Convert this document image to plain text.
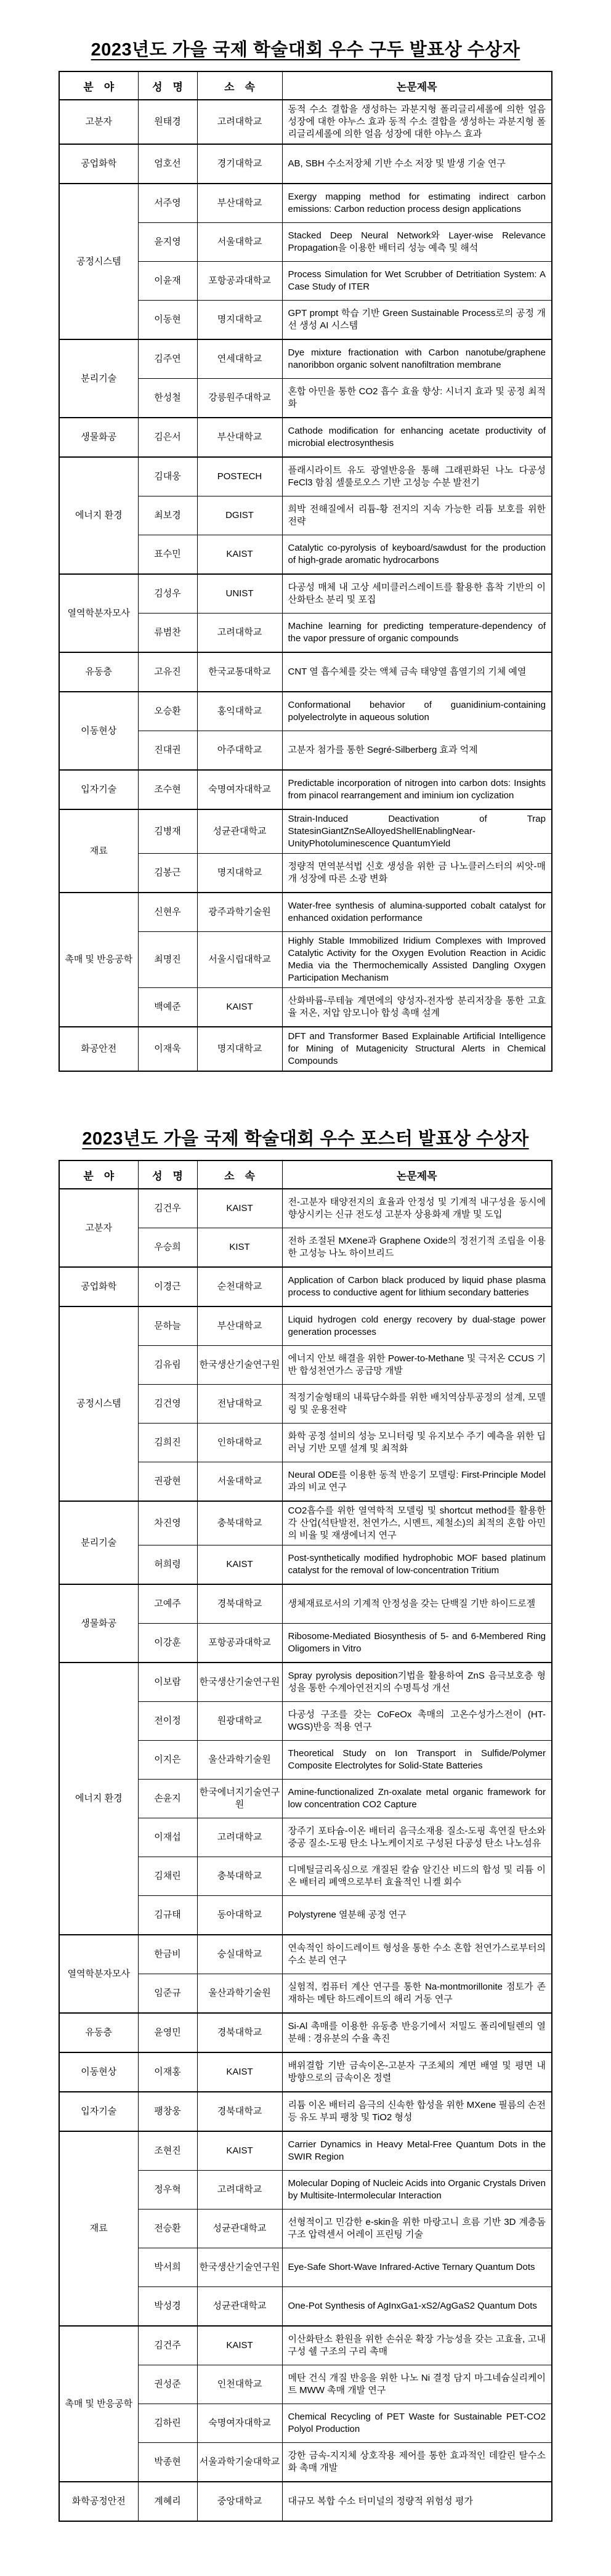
2023년도 가을 국제 학술대회 우수 구두 발표상 수상자
분　야	성　명	소　속	논문제목
고분자	원태경	고려대학교	동적 수소 결합을 생성하는 과분지형 폴리글리세롤에 의한 얼음 성장에 대한 야누스 효과 동적 수소 결합을 생성하는 과분지형 폴리글리세롤에 의한 얼음 성장에 대한 야누스 효과
공업화학	엄호선	경기대학교	AB, SBH 수소저장체 기반 수소 저장 및 발생 기술 연구
공정시스템	서주영	부산대학교	Exergy mapping method for estimating indirect carbon emissions: Carbon reduction process design applications
	윤지영	서울대학교	Stacked Deep Neural Network와 Layer-wise Relevance Propagation을 이용한 배터리 성능 예측 및 해석
	이윤재	포항공과대학교	Process Simulation for Wet Scrubber of Detritiation System: A Case Study of ITER
	이동현	명지대학교	GPT prompt 학습 기반 Green Sustainable Process로의 공정 개선 생성 AI 시스템
분리기술	김주연	연세대학교	Dye mixture fractionation with Carbon nanotube/graphene nanoribbon organic solvent nanofiltration membrane
	한성철	강릉원주대학교	혼합 아민을 통한 CO2 흡수 효율 향상: 시너지 효과 및 공정 최적화
생물화공	김은서	부산대학교	Cathode modification for enhancing acetate productivity of microbial electrosynthesis
에너지 환경	김대웅	POSTECH	플래시라이트 유도 광열반응을 통해 그래핀화된 나노 다공성 FeCl3 함침 셀룰로오스 기반 고성능 수분 발전기
	최보경	DGIST	희박 전해질에서 리튬-황 전지의 지속 가능한 리튬 보호를 위한 전략
	표수민	KAIST	Catalytic co-pyrolysis of keyboard/sawdust for the production of high-grade aromatic hydrocarbons
열역학분자모사	김성우	UNIST	다공성 매체 내 고상 세미클러스레이트를 활용한 흡착 기반의 이산화탄소 분리 및 포집
	류범찬	고려대학교	Machine learning for predicting temperature-dependency of the vapor pressure of organic compounds
유동층	고유진	한국교통대학교	CNT 열 흡수체를 갖는 액체 금속 태양열 흡열기의 기체 예열
이동현상	오승환	홍익대학교	Conformational behavior of guanidinium-containing polyelectrolyte in aqueous solution
	진대권	아주대학교	고분자 첨가를 통한 Segré-Silberberg 효과 억제
입자기술	조수현	숙명여자대학교	Predictable incorporation of nitrogen into carbon dots: Insights from pinacol rearrangement and iminium ion cyclization
재료	김병재	성균관대학교	Strain-Induced Deactivation of Trap StatesinGiantZnSeAlloyedShellEnablingNear-UnityPhotoluminescence QuantumYield
	김봉근	명지대학교	정량적 면역분석법 신호 생성을 위한 금 나노클러스터의 씨앗-매개 성장에 따른 소광 변화
촉매 및 반응공학	신현우	광주과학기술원	Water-free synthesis of alumina-supported cobalt catalyst for enhanced oxidation performance
	최명진	서울시립대학교	Highly Stable Immobilized Iridium Complexes with Improved Catalytic Activity for the Oxygen Evolution Reaction in Acidic Media via the Thermochemically Assisted Dangling Oxygen Participation Mechanism
	백예준	KAIST	산화바륨-루테늄 계면에의 양성자-전자쌍 분리저장을 통한 고효율 저온, 저압 암모니아 합성 촉매 설계
화공안전	이재욱	명지대학교	DFT and Transformer Based Explainable Artificial Intelligence for Mining of Mutagenicity Structural Alerts in Chemical Compounds
2023년도 가을 국제 학술대회 우수 포스터 발표상 수상자
분　야	성　명	소　속	논문제목
고분자	김건우	KAIST	전-고분자 태양전지의 효율과 안정성 및 기계적 내구성을 동시에 향상시키는 신규 전도성 고분자 상용화제 개발 및 도입
	우승희	KIST	전하 조절된 MXene과 Graphene Oxide의 정전기적 조립을 이용한 고성능 나노 하이브리드
공업화학	이경근	순천대학교	Application of Carbon black produced by liquid phase plasma process to conductive agent for lithium secondary batteries
공정시스템	문하늘	부산대학교	Liquid hydrogen cold energy recovery by dual-stage power generation processes
	김유림	한국생산기술연구원	에너지 안보 해결을 위한 Power-to-Methane 및 극저온 CCUS 기반 합성천연가스 공급망 개발
	김건영	전남대학교	적정기술형태의 내륙담수화를 위한 배치역삼투공정의 설계, 모델링 및 운용전략
	김희진	인하대학교	화학 공정 설비의 성능 모니터링 및 유지보수 주기 예측을 위한 딥러닝 기반 모델 설계 및 최적화
	권광현	서울대학교	Neural ODE를 이용한 동적 반응기 모델링: First-Principle Model과의 비교 연구
분리기술	차진영	충북대학교	CO2흡수를 위한 열역학적 모델링 및 shortcut method를 활용한 각 산업(석탄발전, 천연가스, 시멘트, 제철소)의 최적의 혼합 아민의 비율 및 재생에너지 연구
	허희령	KAIST	Post-synthetically modified hydrophobic MOF based platinum catalyst for the removal of low-concentration Tritium
생물화공	고예주	경북대학교	생체재료로서의 기계적 안정성을 갖는 단백질 기반 하이드로젤
	이강훈	포항공과대학교	Ribosome-Mediated Biosynthesis of 5- and 6-Membered Ring Oligomers in Vitro
에너지 환경	이보람	한국생산기술연구원	Spray pyrolysis deposition기법을 활용하여 ZnS 음극보호층 형성을 통한 수계아연전지의 수명특성 개선
	전이정	원광대학교	다공성 구조를 갖는 CoFeOx 촉매의 고온수성가스전이 (HT-WGS)반응 적용 연구
	이지은	울산과학기술원	Theoretical Study on Ion Transport in Sulfide/Polymer Composite Electrolytes for Solid-State Batteries
	손윤지	한국에너지기술연구원	Amine-functionalized Zn-oxalate metal organic framework for low concentration CO2 Capture
	이재섭	고려대학교	장주기 포타슘-이온 배터리 음극소재용 질소-도핑 흑연질 탄소와 중공 질소-도핑 탄소 나노케이지로 구성된 다공성 탄소 나노섬유
	김채린	충북대학교	디메틸글리옥심으로 개질된 칼슘 알긴산 비드의 합성 및 리튬 이온 배터리 폐액으로부터 효율적인 니켈 회수
	김규태	동아대학교	Polystyrene 열분해 공정 연구
열역학분자모사	한금비	숭실대학교	연속적인 하이드레이트 형성을 통한 수소 혼합 천연가스로부터의 수소 분리 연구
	임준규	울산과학기술원	실험적, 컴퓨터 계산 연구를 통한 Na-montmorillonite 점토가 존재하는 메탄 하드레이트의 해리 거동 연구
유동층	윤영민	경북대학교	Si-Al 촉매를 이용한 유동층 반응기에서 저밀도 폴리에틸렌의 열분해 : 경유분의 수율 촉진
이동현상	이재홍	KAIST	배위결합 기반 금속이온-고분자 구조체의 계면 배열 및 평면 내 방향으로의 금속이온 정렬
입자기술	팽창웅	경북대학교	리튬 이온 배터리 음극의 신속한 합성을 위한 MXene 필름의 손전등 유도 부피 팽창 및 TiO2 형성
재료	조현진	KAIST	Carrier Dynamics in Heavy Metal-Free Quantum Dots in the SWIR Region
	정우혁	고려대학교	Molecular Doping of Nucleic Acids into Organic Crystals Driven by Multisite-Intermolecular Interaction
	전승환	성균관대학교	선형적이고 민감한 e-skin을 위한 마랑고니 흐름 기반 3D 계층돔 구조 압력센서 어레이 프린팅 기술
	박서희	한국생산기술연구원	Eye-Safe Short-Wave Infrared-Active Ternary Quantum Dots
	박성경	성균관대학교	One-Pot Synthesis of AgInxGa1-xS2/AgGaS2 Quantum Dots
촉매 및 반응공학	김건주	KAIST	이산화탄소 환원을 위한 손쉬운 확장 가능성을 갖는 고효율, 고내구성 쉘 구조의 구리 촉매
	권성준	인천대학교	메탄 건식 개질 반응을 위한 나노 Ni 결정 담지 마그네슘실리케이트 MWW 촉매 개발 연구
	김하린	숙명여자대학교	Chemical Recycling of PET Waste for Sustainable PET-CO2 Polyol Production
	박종현	서울과학기술대학교	강한 금속-지지체 상호작용 제어를 통한 효과적인 데칼린 탈수소화 촉매 개발
화학공정안전	계혜리	중앙대학교	대규모 복합 수소 터미널의 정량적 위험성 평가
